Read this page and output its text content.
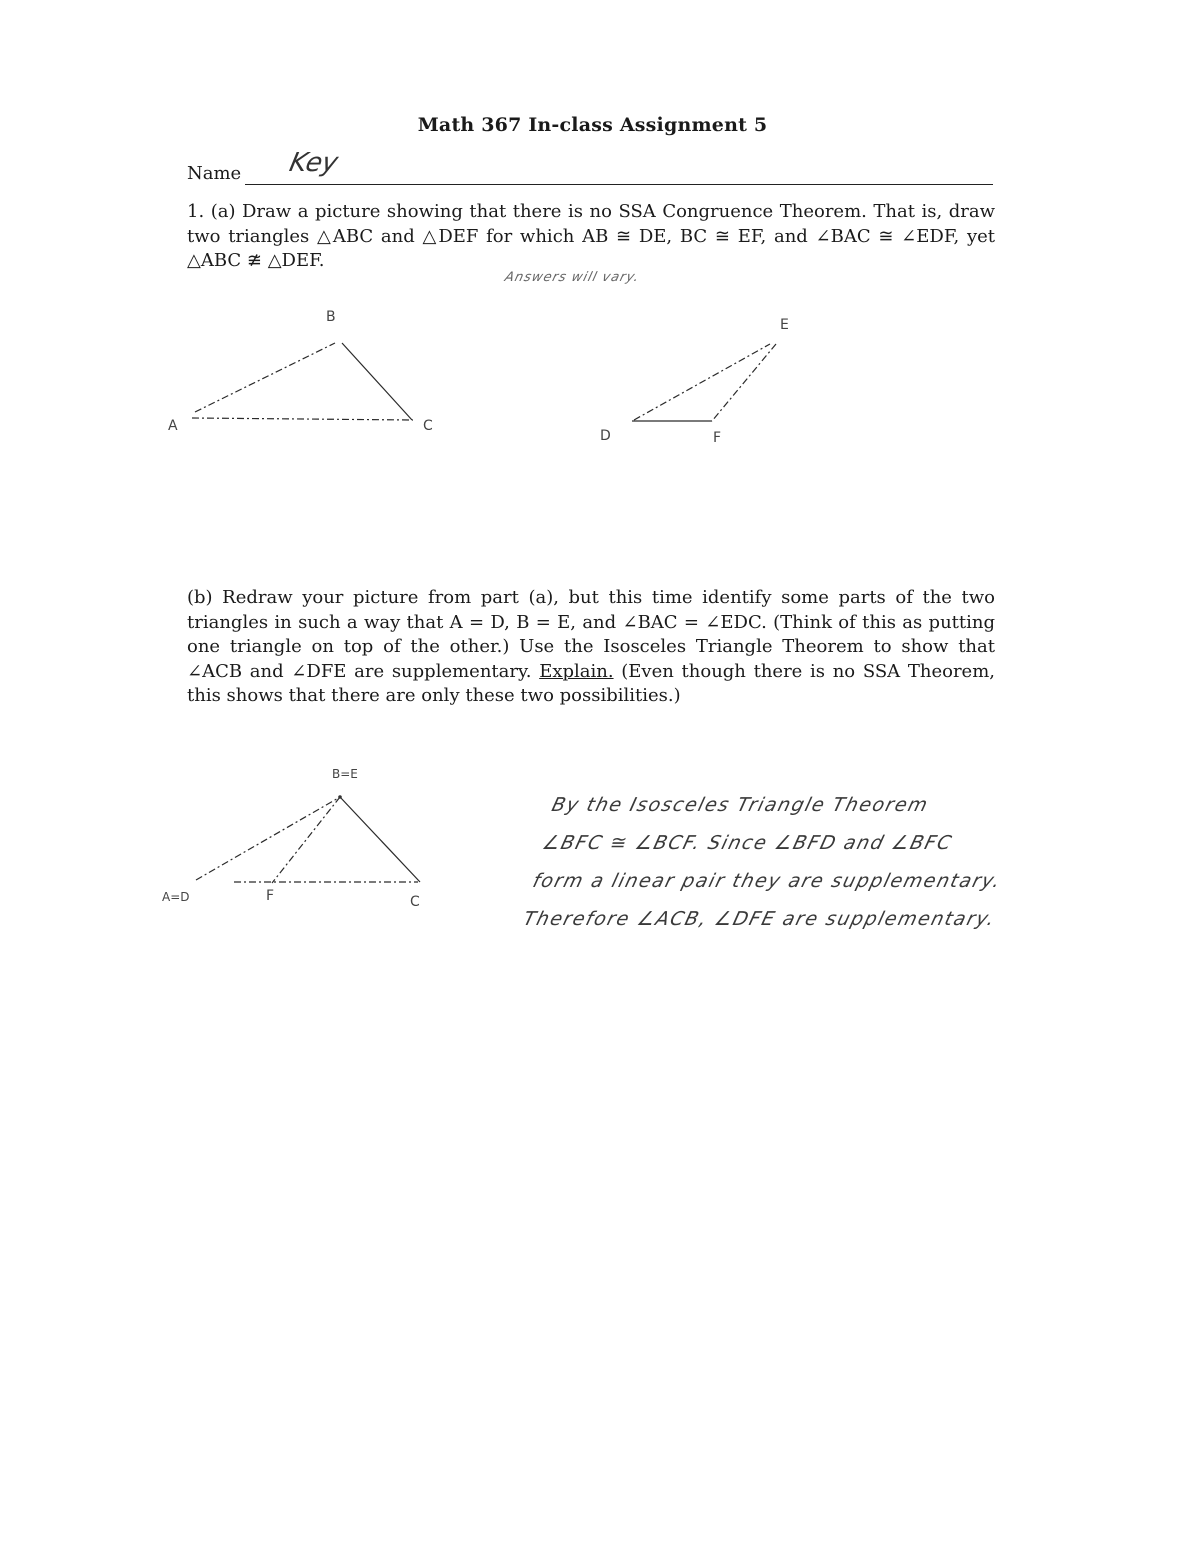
Math 367 In-class Assignment 5
Name Key
1. (a) Draw a picture showing that there is no SSA Congruence Theorem. That is, draw two triangles △ABC and △DEF for which AB ≅ DE, BC ≅ EF, and ∠BAC ≅ ∠EDF, yet △ABC ≇ △DEF.
Answers will vary.
B
A	C
E
D	F
(b) Redraw your picture from part (a), but this time identify some parts of the two triangles in such a way that A = D, B = E, and ∠BAC = ∠EDC. (Think of this as putting one triangle on top of the other.) Use the Isosceles Triangle Theorem to show that ∠ACB and ∠DFE are supplementary. Explain. (Even though there is no SSA Theorem, this shows that there are only these two possibilities.)
B=E
A=D	F	C
By the Isosceles Triangle Theorem
∠BFC ≅ ∠BCF. Since ∠BFD and ∠BFC
form a linear pair they are supplementary.
Therefore ∠ACB, ∠DFE are supplementary.
